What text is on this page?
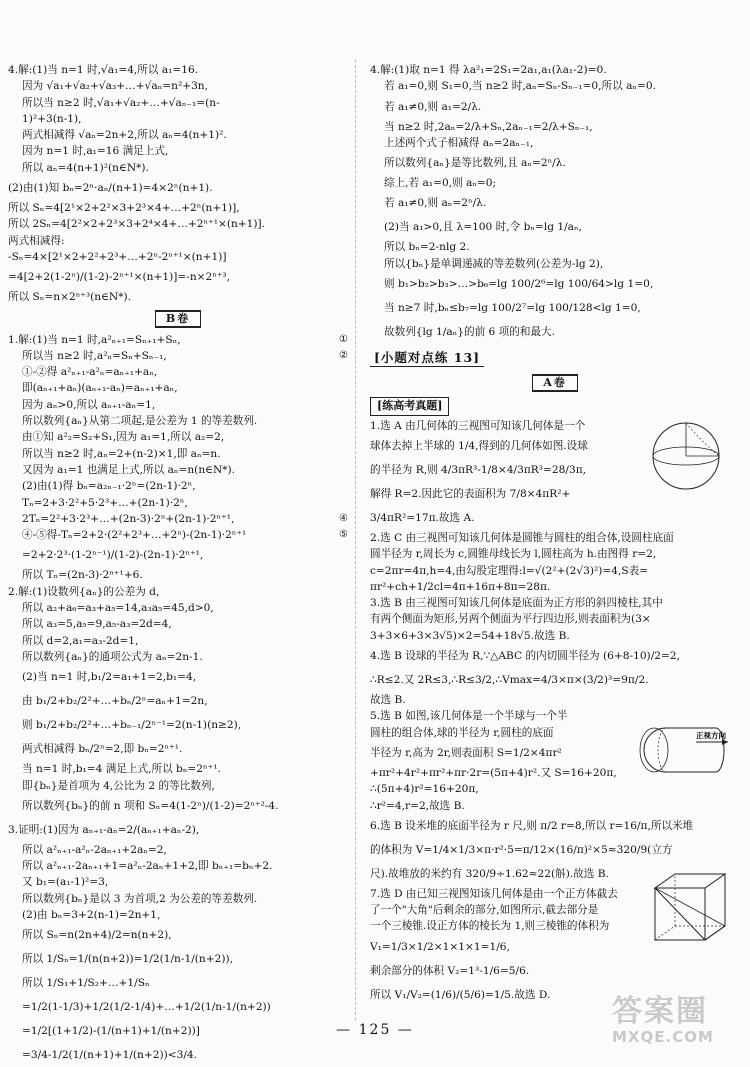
4.解:(1)当 n=1 时,√a₁=4,所以 a₁=16.
因为 √a₁+√a₂+√a₃+…+√aₙ=n²+3n,
所以当 n≥2 时,√a₁+√a₂+…+√aₙ₋₁=(n-
1)²+3(n-1),
两式相减得 √aₙ=2n+2,所以 aₙ=4(n+1)².
因为 n=1 时,a₁=16 满足上式,
所以 aₙ=4(n+1)²(n∈N*).
(2)由(1)知 bₙ=2ⁿ·aₙ/(n+1)=4×2ⁿ(n+1).
所以 Sₙ=4[2¹×2+2²×3+2³×4+…+2ⁿ(n+1)],
所以 2Sₙ=4[2²×2+2³×3+2⁴×4+…+2ⁿ⁺¹×(n+1)].
两式相减得:
-Sₙ=4×[2¹×2+2²+2³+…+2ⁿ-2ⁿ⁺¹×(n+1)]
=4[2+2(1-2ⁿ)/(1-2)-2ⁿ⁺¹×(n+1)]=-n×2ⁿ⁺³,
所以 Sₙ=n×2ⁿ⁺³(n∈N*).
B卷
1.解:(1)当 n=1 时,a²ₙ₊₁=Sₙ₊₁+Sₙ,
所以当 n≥2 时,a²ₙ=Sₙ+Sₙ₋₁,
①-②得 a²ₙ₊₁-a²ₙ=aₙ₊₁+aₙ,
即(aₙ₊₁+aₙ)(aₙ₊₁-aₙ)=aₙ₊₁+aₙ,
因为 aₙ>0,所以 aₙ₊₁-aₙ=1,
所以数列{aₙ}从第二项起,是公差为 1 的等差数列.
由①知 a²₂=S₂+S₁,因为 a₁=1,所以 a₂=2,
所以当 n≥2 时,aₙ=2+(n-2)×1,即 aₙ=n.
又因为 a₁=1 也满足上式,所以 aₙ=n(n∈N*).
(2)由(1)得 bₙ=a₂ₙ₋₁·2ⁿ=(2n-1)·2ⁿ,
Tₙ=2+3·2²+5·2³+…+(2n-1)·2ⁿ,
2Tₙ=2²+3·2³+…+(2n-3)·2ⁿ+(2n-1)·2ⁿ⁺¹,
④-⑤得-Tₙ=2+2·(2²+2³+…+2ⁿ)-(2n-1)·2ⁿ⁺¹
=2+2·2³·(1-2ⁿ⁻¹)/(1-2)-(2n-1)·2ⁿ⁺¹,
所以 Tₙ=(2n-3)·2ⁿ⁺¹+6.
①
②
④
⑤
2.解:(1)设数列{aₙ}的公差为 d,
所以 a₂+a₆=a₃+a₅=14,a₃a₅=45,d>0,
所以 a₃=5,a₅=9,a₅-a₃=2d=4,
所以 d=2,a₁=a₃-2d=1,
所以数列{aₙ}的通项公式为 aₙ=2n-1.
(2)当 n=1 时,b₁/2=a₁+1=2,b₁=4,
由 b₁/2+b₂/2²+…+bₙ/2ⁿ=aₙ+1=2n,
则 b₁/2+b₂/2²+…+bₙ₋₁/2ⁿ⁻¹=2(n-1)(n≥2),
两式相减得 bₙ/2ⁿ=2,即 bₙ=2ⁿ⁺¹.
当 n=1 时,b₁=4 满足上式,所以 bₙ=2ⁿ⁺¹.
即{bₙ}是首项为 4,公比为 2 的等比数列,
所以数列{bₙ}的前 n 项和 Sₙ=4(1-2ⁿ)/(1-2)=2ⁿ⁺²-4.
3.证明:(1)因为 aₙ₊₁-aₙ=2/(aₙ₊₁+aₙ-2),
所以 a²ₙ₊₁-a²ₙ-2aₙ₊₁+2aₙ=2,
所以 a²ₙ₊₁-2aₙ₊₁+1=a²ₙ-2aₙ+1+2,即 bₙ₊₁=bₙ+2.
又 b₁=(a₁-1)²=3,
所以数列{bₙ}是以 3 为首项,2 为公差的等差数列.
(2)由 bₙ=3+2(n-1)=2n+1,
所以 Sₙ=n(2n+4)/2=n(n+2),
所以 1/Sₙ=1/(n(n+2))=1/2(1/n-1/(n+2)),
所以 1/S₁+1/S₂+…+1/Sₙ
=1/2(1-1/3)+1/2(1/2-1/4)+…+1/2(1/n-1/(n+2))
=1/2[(1+1/2)-(1/(n+1)+1/(n+2))]
=3/4-1/2(1/(n+1)+1/(n+2))<3/4.
4.解:(1)取 n=1 得 λa²₁=2S₁=2a₁,a₁(λa₁-2)=0.
若 a₁=0,则 S₁=0,当 n≥2 时,aₙ=Sₙ-Sₙ₋₁=0,所以 aₙ=0.
若 a₁≠0,则 a₁=2/λ.
当 n≥2 时,2aₙ=2/λ+Sₙ,2aₙ₋₁=2/λ+Sₙ₋₁,
上述两个式子相减得 aₙ=2aₙ₋₁,
所以数列{aₙ}是等比数列,且 aₙ=2ⁿ/λ.
综上,若 a₁=0,则 aₙ=0;
若 a₁≠0,则 aₙ=2ⁿ/λ.
(2)当 a₁>0,且 λ=100 时,令 bₙ=lg 1/aₙ,
所以 bₙ=2-nlg 2.
所以{bₙ}是单调递减的等差数列(公差为-lg 2),
则 b₁>b₂>b₃>…>b₆=lg 100/2⁶=lg 100/64>lg 1=0,
当 n≥7 时,bₙ≤b₇=lg 100/2⁷=lg 100/128<lg 1=0,
故数列{lg 1/aₙ}的前 6 项的和最大.
[小题对点练 13]
A卷
[练高考真题]
1.选 A 由几何体的三视图可知该几何体是一个
球体去掉上半球的 1/4,得到的几何体如图.设球
的半径为 R,则 4/3πR³-1/8×4/3πR³=28/3π,
解得 R=2.因此它的表面积为 7/8×4πR²+
3/4πR²=17π.故选 A.
2.选 C 由三视图可知该几何体是圆锥与圆柱的组合体,设圆柱底面
圆半径为 r,周长为 c,圆锥母线长为 l,圆柱高为 h.由图得 r=2,
c=2πr=4π,h=4,由勾股定理得:l=√(2²+(2√3)²)=4,S表=
πr²+ch+1/2cl=4π+16π+8π=28π.
3.选 B 由三视图可知该几何体是底面为正方形的斜四棱柱,其中
有两个侧面为矩形,另两个侧面为平行四边形,则表面积为(3×
3+3×6+3×3√5)×2=54+18√5.故选 B.
4.选 B 设球的半径为 R,∵△ABC 的内切圆半径为 (6+8-10)/2=2,
∴R≤2.又 2R≤3,∴R≤3/2,∴Vmax=4/3×π×(3/2)³=9π/2.
故选 B.
5.选 B 如图,该几何体是一个半球与一个半
圆柱的组合体,球的半径为 r,圆柱的底面
半径为 r,高为 2r,则表面积 S=1/2×4πr²
+πr²+4r²+πr²+πr·2r=(5π+4)r².又 S=16+20π,
∴(5π+4)r²=16+20π,
∴r²=4,r=2,故选 B.
6.选 B 设米堆的底面半径为 r 尺,则 π/2 r=8,所以 r=16/π,所以米堆
的体积为 V=1/4×1/3×π·r²·5=π/12×(16/π)²×5≈320/9(立方
尺).故堆放的米约有 320/9÷1.62≈22(斛).故选 B.
7.选 D 由已知三视图知该几何体是由一个正方体截去
了一个"大角"后剩余的部分,如图所示,截去部分是
一个三棱锥.设正方体的棱长为 1,则三棱锥的体积为
V₁=1/3×1/2×1×1×1=1/6,
剩余部分的体积 V₂=1³-1/6=5/6.
所以 V₁/V₂=(1/6)/(5/6)=1/5.故选 D.
正视方向
— 125 —
答案圈
MXQE.COM
